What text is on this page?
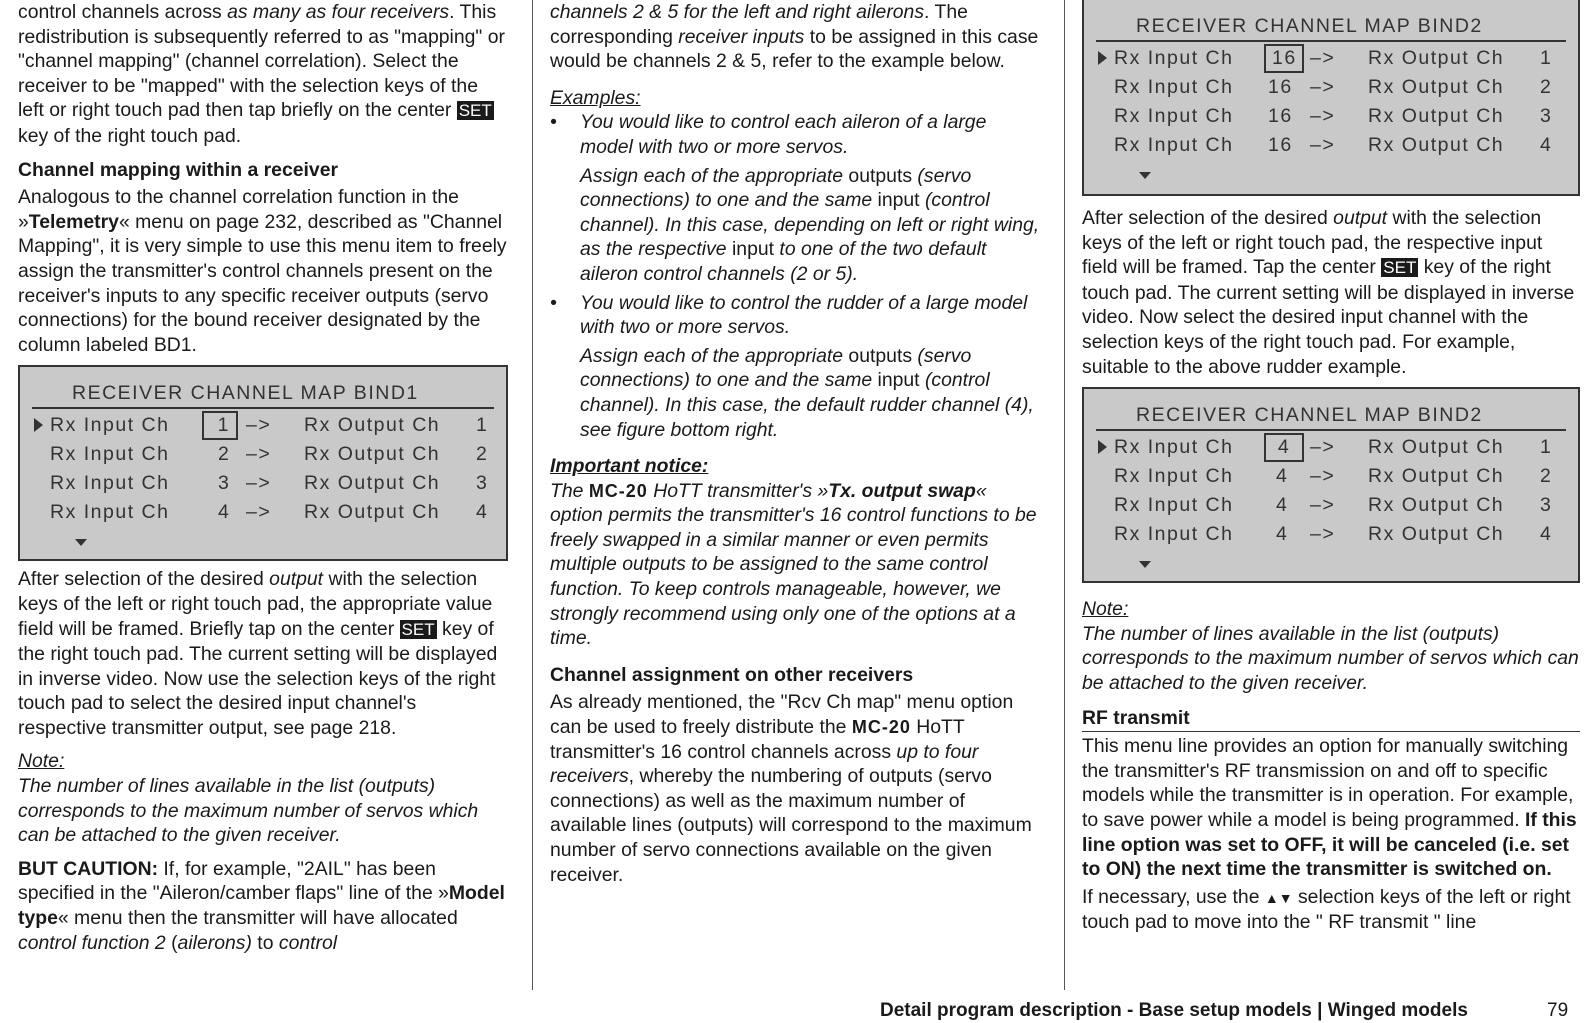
control channels across as many as four receivers. This redistribution is subsequently referred to as "mapping" or "channel mapping" (channel correlation). Select the receiver to be "mapped" with the selection keys of the left or right touch pad then tap briefly on the center SET key of the right touch pad.

Channel mapping within a receiver

Analogous to the channel correlation function in the »Telemetry« menu on page 232, described as "Channel Mapping", it is very simple to use this menu item to freely assign the transmitter's control channels present on the receiver's inputs to any specific receiver outputs (servo connections) for the bound receiver designated by the column labeled BD1.

RECEIVER CHANNEL MAP BIND1
Rx Input Ch	1 –> Rx Output Ch 1
Rx Input Ch 2 –> Rx Output Ch 2
Rx Input Ch 3 –> Rx Output Ch 3
Rx Input Ch 4 –> Rx Output Ch 4

After selection of the desired output with the selection keys of the left or right touch pad, the appropriate value field will be framed. Briefly tap on the center SET key of the right touch pad. The current setting will be displayed in inverse video. Now use the selection keys of the right touch pad to select the desired input channel's respective transmitter output, see page 218.

Note:

The number of lines available in the list (outputs) corresponds to the maximum number of servos which can be attached to the given receiver.

BUT CAUTION: If, for example, "2AIL" has been specified in the "Aileron/camber flaps" line of the »Model type« menu then the transmitter will have allocated control function 2 (ailerons) to control

channels 2 & 5 for the left and right ailerons. The corresponding receiver inputs to be assigned in this case would be channels 2 & 5, refer to the example below.

Examples:

• You would like to control each aileron of a large model with two or more servos.

Assign each of the appropriate outputs (servo connections) to one and the same input (control channel). In this case, depending on left or right wing, as the respective input to one of the two default aileron control channels (2 or 5).

• You would like to control the rudder of a large model with two or more servos.

Assign each of the appropriate outputs (servo connections) to one and the same input (control channel). In this case, the default rudder channel (4), see figure bottom right.

Important notice:

The MC-20 HoTT transmitter's »Tx. output swap« option permits the transmitter's 16 control functions to be freely swapped in a similar manner or even permits multiple outputs to be assigned to the same control function. To keep controls manageable, however, we strongly recommend using only one of the options at a time.

Channel assignment on other receivers

As already mentioned, the "Rcv Ch map" menu option can be used to freely distribute the MC-20 HoTT transmitter's 16 control channels across up to four receivers, whereby the numbering of outputs (servo connections) as well as the maximum number of available lines (outputs) will correspond to the maximum number of servo connections available on the given receiver.

RECEIVER CHANNEL MAP BIND2
Rx Input Ch	16 –> Rx Output Ch 1
Rx Input Ch 16 –> Rx Output Ch 2
Rx Input Ch 16 –> Rx Output Ch 3
Rx Input Ch 16 –> Rx Output Ch 4

After selection of the desired output with the selection keys of the left or right touch pad, the respective input field will be framed. Tap the center SET key of the right touch pad. The current setting will be displayed in inverse video. Now select the desired input channel with the selection keys of the right touch pad. For example, suitable to the above rudder example.

RECEIVER CHANNEL MAP BIND2
Rx Input Ch	4	–> Rx Output Ch 1
Rx Input Ch 4 –> Rx Output Ch 2
Rx Input Ch 4 –> Rx Output Ch 3
Rx Input Ch 4 –> Rx Output Ch 4

Note:

The number of lines available in the list (outputs) corresponds to the maximum number of servos which can be attached to the given receiver.

RF transmit

This menu line provides an option for manually switching the transmitter's RF transmission on and off to specific models while the transmitter is in operation. For example, to save power while a model is being programmed. If this line option was set to OFF, it will be canceled (i.e. set to ON) the next time the transmitter is switched on.

If necessary, use the ▲▼ selection keys of the left or right touch pad to move into the " RF transmit " line

Detail program description - Base setup models | Winged models	79
